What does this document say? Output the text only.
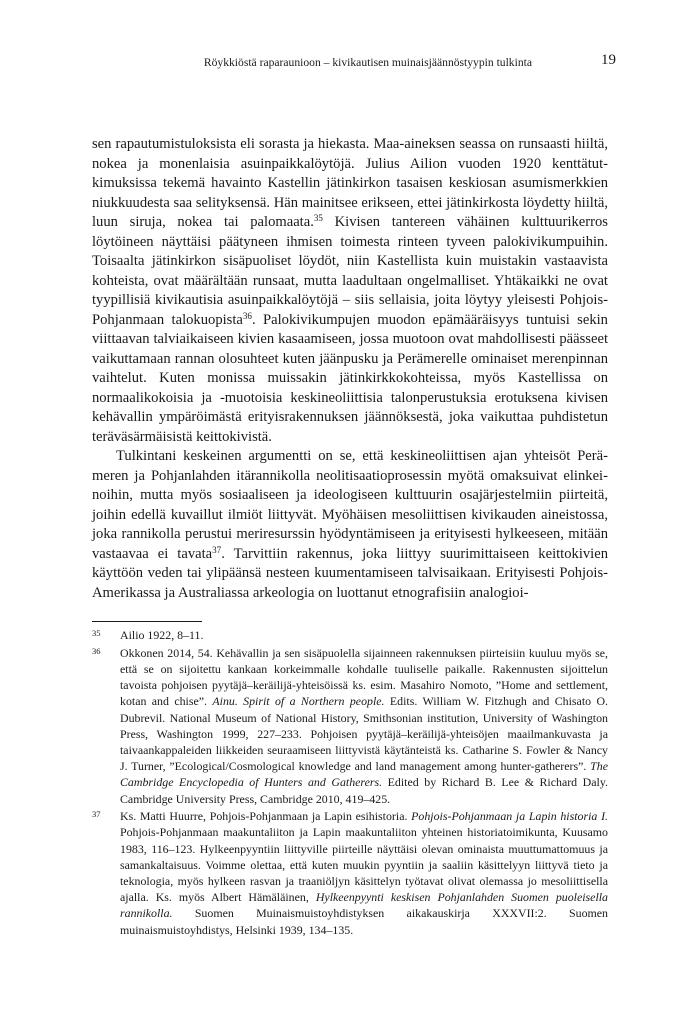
Röykkiöstä raparaunioon – kivikautisen muinaisjäännöstyypin tulkinta	19

sen rapautumistuloksista eli sorasta ja hiekasta. Maa-aineksen seassa on runsaasti hiiltä, nokea ja monenlaisia asuinpaikkalöytöjä. Julius Ailion vuoden 1920 kenttätutkimuksissa tekemä havainto Kastellin jätinkirkon tasaisen keskiosan asumismerkkien niukkuudesta saa selityksensä. Hän mainitsee erikseen, ettei jätinkirkosta löydetty hiiltä, luun siruja, nokea tai palomaata.$^{35}$ Kivisen tantereen vähäinen kulttuurikerros löytöineen näyttäisi päätyneen ihmisen toimesta rinteen tyveen palokivikumpuihin. Toisaalta jätinkirkon sisäpuoliset löydöt, niin Kastellista kuin muistakin vastaavista kohteista, ovat määrältään runsaat, mutta laadultaan ongelmalliset. Yhtäkaikki ne ovat tyypillisiä kivikautisia asuinpaikkalöytöjä – siis sellaisia, joita löytyy yleisesti Pohjois-Pohjanmaan talokuopista$^{36}$. Palokivikumpujen muodon epämääräisyys tuntuisi sekin viittaavan talviaikaiseen kivien kasaamiseen, jossa muotoon ovat mahdollisesti päässeet vaikuttamaan rannan olosuhteet kuten jäänpusku ja Perämerelle ominaiset merenpinnan vaihtelut. Kuten monissa muissakin jätinkirkkokohteissa, myös Kastellissa on normaalikokoisia ja -muotoisia keskineoliittisia talonperustuksia erotuksena kivisen kehävallin ympäröimästä erityisrakennuksen jäännöksestä, joka vaikuttaa puhdistetun teräväsärmäisistä keittokivistä.

Tulkintani keskeinen argumentti on se, että keskineoliittisen ajan yhteisöt Perämeren ja Pohjanlahden itärannikolla neolitisaatioprosessin myötä omaksuivat elinkeinoihin, mutta myös sosiaaliseen ja ideologiseen kulttuurin osajärjestelmiin piirteitä, joihin edellä kuvaillut ilmiöt liittyvät. Myöhäisen mesoliittisen kivikauden aineistossa, joka rannikolla perustui meriresurssin hyödyntämiseen ja erityisesti hylkeeseen, mitään vastaavaa ei tavata$^{37}$. Tarvittiin rakennus, joka liittyy suurimittaiseen keittokivien käyttöön veden tai ylipäänsä nesteen kuumentamiseen talvisaikaan. Erityisesti Pohjois-Amerikassa ja Australiassa arkeologia on luottanut etnografisiin analogioi-

35 Ailio 1922, 8–11.
36 Okkonen 2014, 54. Kehävallin ja sen sisäpuolella sijainneen rakennuksen piirteisiin kuuluu myös se, että se on sijoitettu kankaan korkeimmalle kohdalle tuuliselle paikalle. Rakennusten sijoittelun tavoista pohjoisen pyytäjä–keräilijä-yhteisöissä ks. esim. Masahiro Nomoto, ”Home and settlement, kotan and chise”. Ainu. Spirit of a Northern people. Edits. William W. Fitzhugh and Chisato O. Dubrevil. National Museum of National History, Smithsonian institution, University of Washington Press, Washington 1999, 227–233. Pohjoisen pyytäjä–keräilijä-yhteisöjen maailmankuvasta ja taivaankappaleiden liikkeiden seuraamiseen liittyvistä käytänteistä ks. Catharine S. Fowler & Nancy J. Turner, ”Ecological/Cosmological knowledge and land management among hunter-gatherers”. The Cambridge Encyclopedia of Hunters and Gatherers. Edited by Richard B. Lee & Richard Daly. Cambridge University Press, Cambridge 2010, 419–425.
37 Ks. Matti Huurre, Pohjois-Pohjanmaan ja Lapin esihistoria. Pohjois-Pohjanmaan ja Lapin historia I. Pohjois-Pohjanmaan maakuntaliiton ja Lapin maakuntaliiton yhteinen historiatoimikunta, Kuusamo 1983, 116–123. Hylkeenpyyntiin liittyville piirteille näyttäisi olevan ominaista muuttumattomuus ja samankaltaisuus. Voimme olettaa, että kuten muukin pyyntiin ja saaliin käsittelyyn liittyvä tieto ja teknologia, myös hylkeen rasvan ja traaniöljyn käsittelyn työtavat olivat olemassa jo mesoliittisella ajalla. Ks. myös Albert Hämäläinen, Hylkeenpyynti keskisen Pohjanlahden Suomen puoleisella rannikolla. Suomen Muinaismuistoyhdistyksen aikakauskirja XXXVII:2. Suomen muinaismuistoyhdistys, Helsinki 1939, 134–135.
